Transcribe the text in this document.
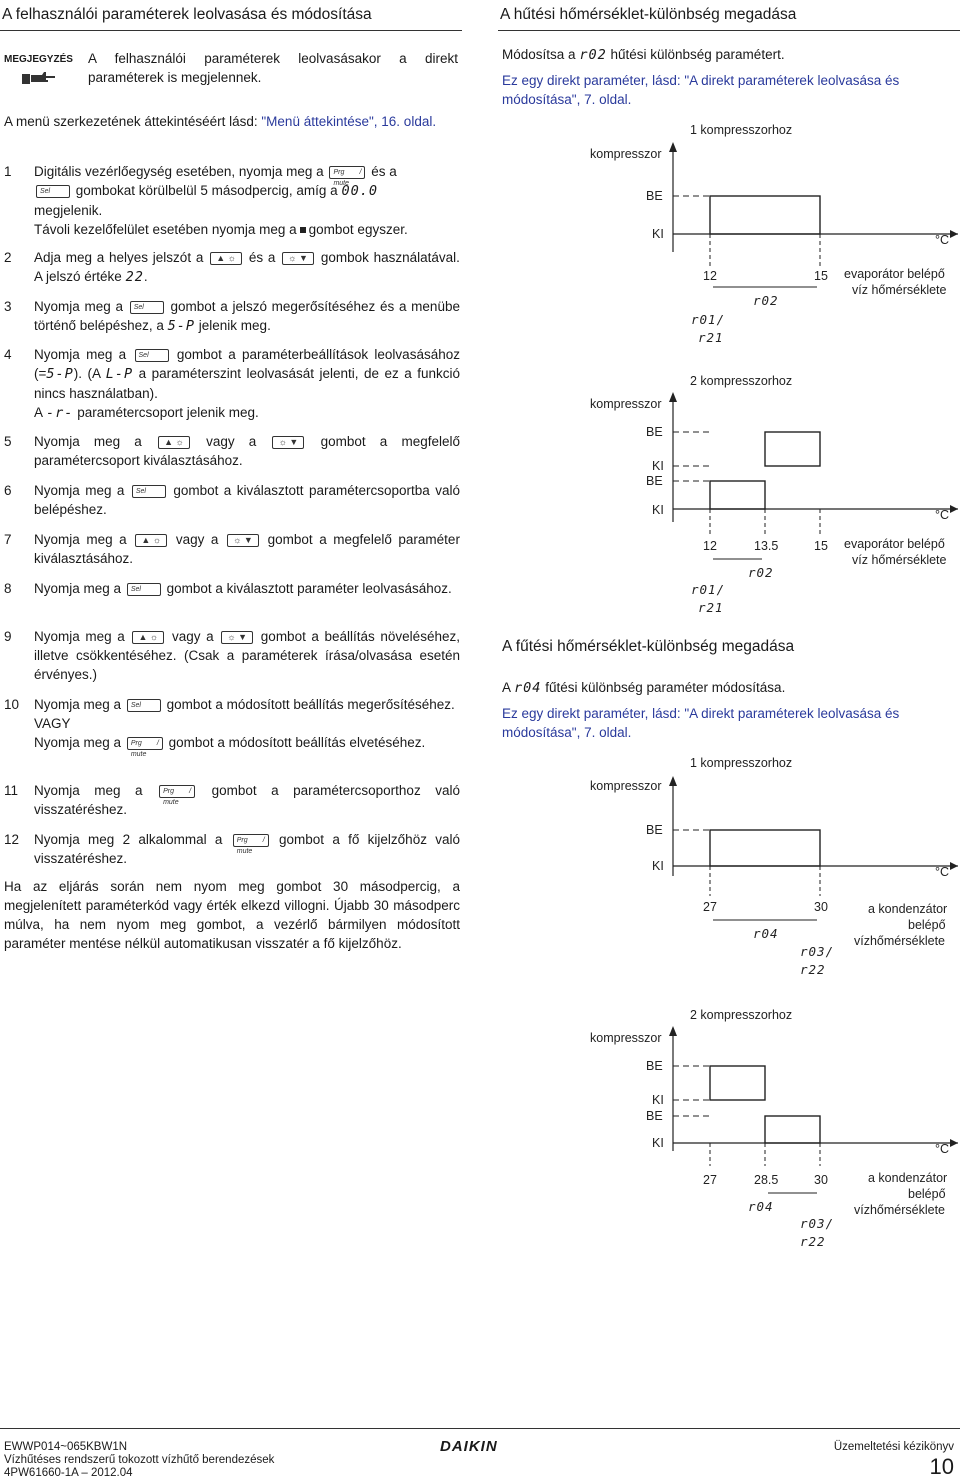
A felhasználói paraméterek leolvasása és módosítása
MEGJEGYZÉS A felhasználói paraméterek leolvasásakor a direkt paraméterek is megjelennek.
A menü szerkezetének áttekintéséért lásd: "Menü áttekintése", 16. oldal.
1 Digitális vezérlőegység esetében, nyomja meg a Prg / mute és a
Sel gombokat körülbelül 5 másodpercig, amíg a 00.0
megjelenik.
Távoli kezelőfelület esetében nyomja meg a gombot egyszer.
2 Adja meg a helyes jelszót a ▲ ☼ és a ☼ ▼ gombok használatával. A jelszó értéke 22.
3 Nyomja meg a Sel gombot a jelszó megerősítéséhez és a menübe történő belépéshez, a 5-P jelenik meg.
4 Nyomja meg a Sel gombot a paraméterbeállítások leolvasásához (=5-P). (A L-P a paraméterszint leolvasását jelenti, de ez a funkció nincs használatban).
A -r- paramétercsoport jelenik meg.
5 Nyomja meg a ▲ ☼ vagy a ☼ ▼ gombot a megfelelő paramétercsoport kiválasztásához.
6 Nyomja meg a Sel gombot a kiválasztott paramétercsoportba való belépéshez.
7 Nyomja meg a ▲ ☼ vagy a ☼ ▼ gombot a megfelelő paraméter kiválasztásához.
8 Nyomja meg a Sel gombot a kiválasztott paraméter leolvasásához.
9 Nyomja meg a ▲ ☼ vagy a ☼ ▼ gombot a beállítás növeléséhez, illetve csökkentéséhez. (Csak a paraméterek írása/olvasása esetén érvényes.)
10 Nyomja meg a Sel gombot a módosított beállítás megerősítéséhez.
VAGY
Nyomja meg a Prg / mute gombot a módosított beállítás elvetéséhez.
11 Nyomja meg a	Prg / mute gombot a paramétercsoporthoz való visszatéréshez.
12 Nyomja meg 2 alkalommal a Prg / mute gombot a fő kijelzőhöz való visszatéréshez.
Ha az eljárás során nem nyom meg gombot 30 másodpercig, a megjelenített paraméterkód vagy érték elkezd villogni. Újabb 30 másodperc múlva, ha nem nyom meg gombot, a vezérlő bármilyen módosított paraméter mentése nélkül automatikusan visszatér a fő kijelzőhöz.
A hűtési hőmérséklet-különbség megadása
Módosítsa a r02 hűtési különbség paramétert.
Ez egy direkt paraméter, lásd: "A direkt paraméterek leolvasása és módosítása", 7. oldal.
1 kompresszorhoz
kompresszor
BE
KI	°C
12	15
r02
r01/
r21
evaporátor belépő
víz hőmérséklete
2 kompresszorhoz
kompresszor
BE
KI
BE
KI	°C
12	13.5	15
r02
r01/
r21
evaporátor belépő
víz hőmérséklete
A fűtési hőmérséklet-különbség megadása
A r04 fűtési különbség paraméter módosítása.
Ez egy direkt paraméter, lásd: "A direkt paraméterek leolvasása és módosítása", 7. oldal.
1 kompresszorhoz
kompresszor
BE
KI	°C
27	30
r04
r03/
r22
a kondenzátor
belépő
vízhőmérséklete
2 kompresszorhoz
kompresszor
BE
KI
BE
KI	°C
27	28.5	30
r04
r03/
r22
a kondenzátor
belépő
vízhőmérséklete
EWWP014~065KBW1N
Vízhűtéses rendszerű tokozott vízhűtő berendezések
4PW61660-1A – 2012.04
DAIKIN	Üzemeltetési kézikönyv
10
